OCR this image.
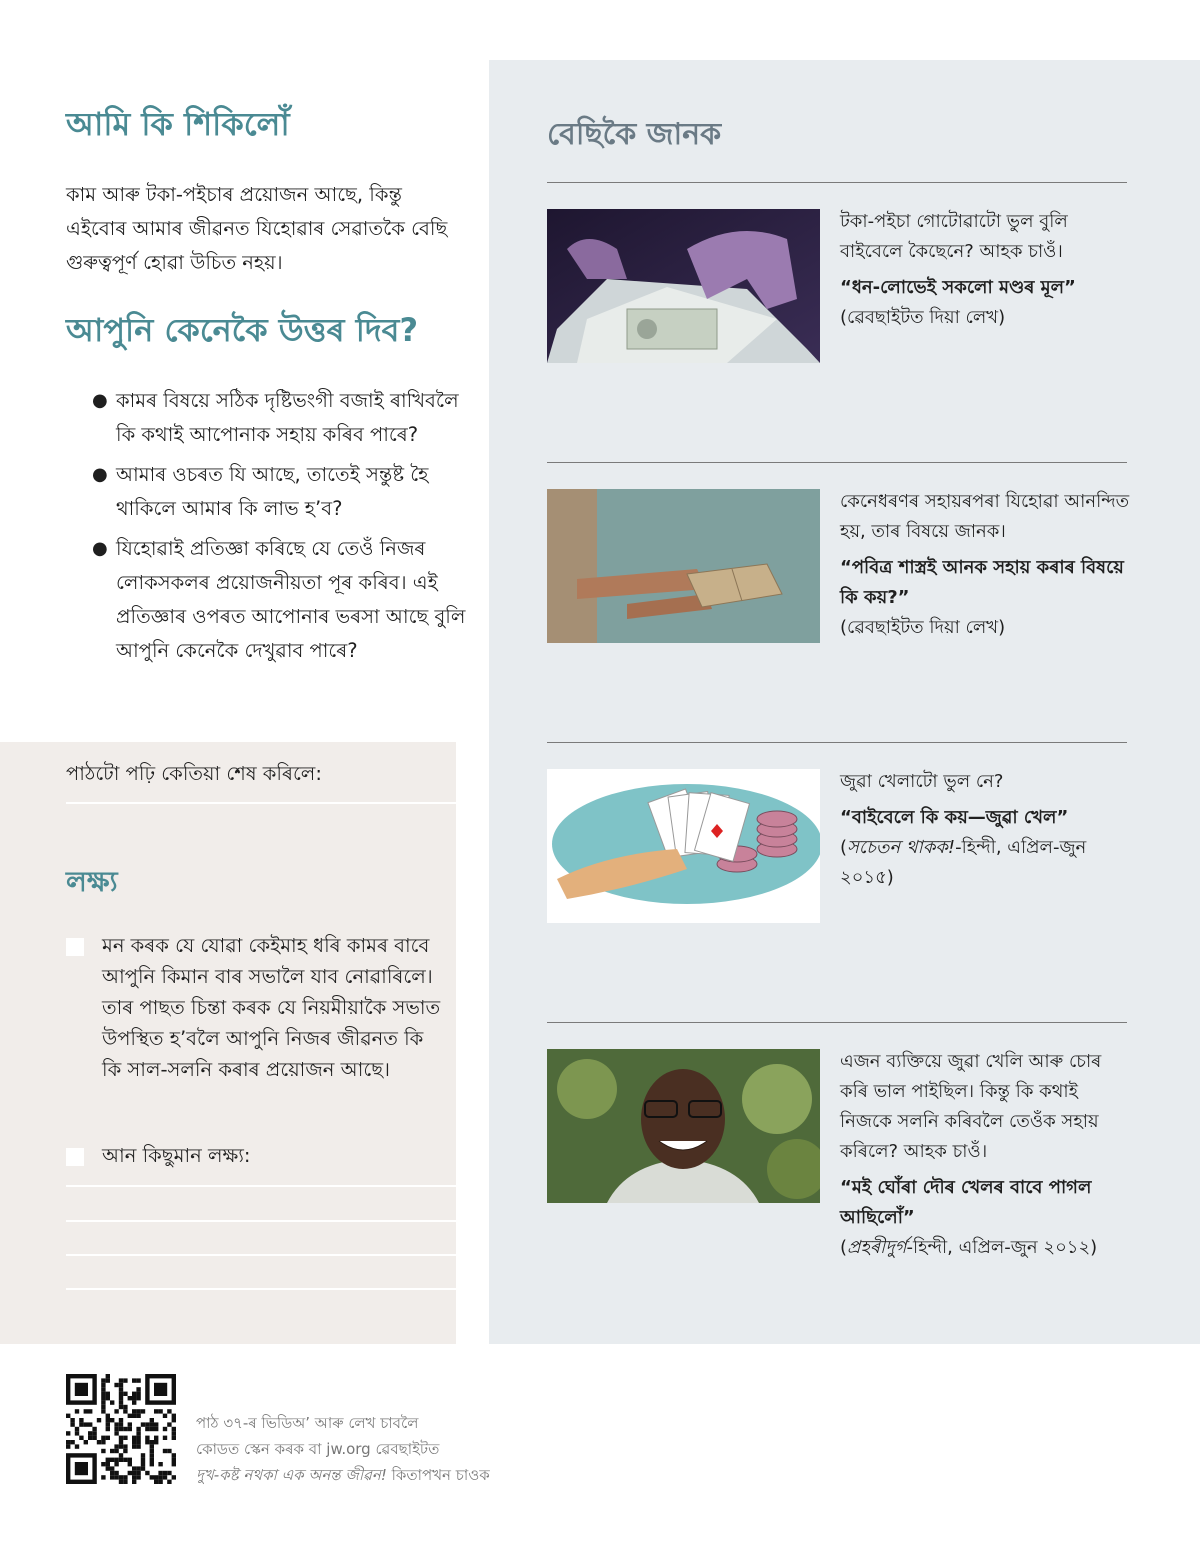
আমি কি শিকিলোঁ

কাম আৰু টকা-পইচাৰ প্ৰয়োজন আছে, কিন্তু এইবোৰ আমাৰ জীৱনত যিহোৱাৰ সেৱাতকৈ বেছি গুৰুত্বপূৰ্ণ হোৱা উচিত নহয়।

আপুনি কেনেকৈ উত্তৰ দিব?
● কামৰ বিষয়ে সঠিক দৃষ্টিভংগী বজাই ৰাখিবলৈ কি কথাই আপোনাক সহায় কৰিব পাৰে?
● আমাৰ ওচৰত যি আছে, তাতেই সন্তুষ্ট হৈ থাকিলে আমাৰ কি লাভ হ’ব?
● যিহোৱাই প্ৰতিজ্ঞা কৰিছে যে তেওঁ নিজৰ লোকসকলৰ প্ৰয়োজনীয়তা পূৰ কৰিব। এই প্ৰতিজ্ঞাৰ ওপৰত আপোনাৰ ভৰসা আছে বুলি আপুনি কেনেকৈ দেখুৱাব পাৰে?
পাঠটো পঢ়ি কেতিয়া শেষ কৰিলে:
লক্ষ্য
মন কৰক যে যোৱা কেইমাহ ধৰি কামৰ বাবে আপুনি কিমান বাৰ সভালৈ যাব নোৱাৰিলে। তাৰ পাছত চিন্তা কৰক যে নিয়মীয়াকৈ সভাত উপস্থিত হ’বলৈ আপুনি নিজৰ জীৱনত কি কি সাল-সলনি কৰাৰ প্ৰয়োজন আছে।
আন কিছুমান লক্ষ্য:
বেছিকৈ জানক

টকা-পইচা গোটোৱাটো ভুল বুলি বাইবেলে কৈছেনে? আহক চাওঁ।

“ধন-লোভেই সকলো মণ্ডৰ মূল”

(ৱেবছাইটত দিয়া লেখ)

কেনেধৰণৰ সহায়ৰপৰা যিহোৱা আনন্দিত হয়, তাৰ বিষয়ে জানক।

“পবিত্ৰ শাস্ত্ৰই আনক সহায় কৰাৰ বিষয়ে কি কয়?”

(ৱেবছাইটত দিয়া লেখ)

জুৱা খেলাটো ভুল নে?

“বাইবেলে কি কয়—জুৱা খেল”

(সচেতন থাকক!-হিন্দী, এপ্ৰিল-জুন ২০১৫)

এজন ব্যক্তিয়ে জুৱা খেলি আৰু চোৰ কৰি ভাল পাইছিল। কিন্তু কি কথাই নিজকে সলনি কৰিবলৈ তেওঁক সহায় কৰিলে? আহক চাওঁ।

“মই ঘোঁৰা দৌৰ খেলৰ বাবে পাগল আছিলোঁ”

(প্ৰহৰীদুৰ্গ-হিন্দী, এপ্ৰিল-জুন ২০১২)

পাঠ ৩৭-ৰ ভিডিঅ’ আৰু লেখ চাবলৈ
কোডত স্কেন কৰক বা jw.org ৱেবছাইটত
দুখ-কষ্ট নথকা এক অনন্ত জীৱন! কিতাপখন চাওক
